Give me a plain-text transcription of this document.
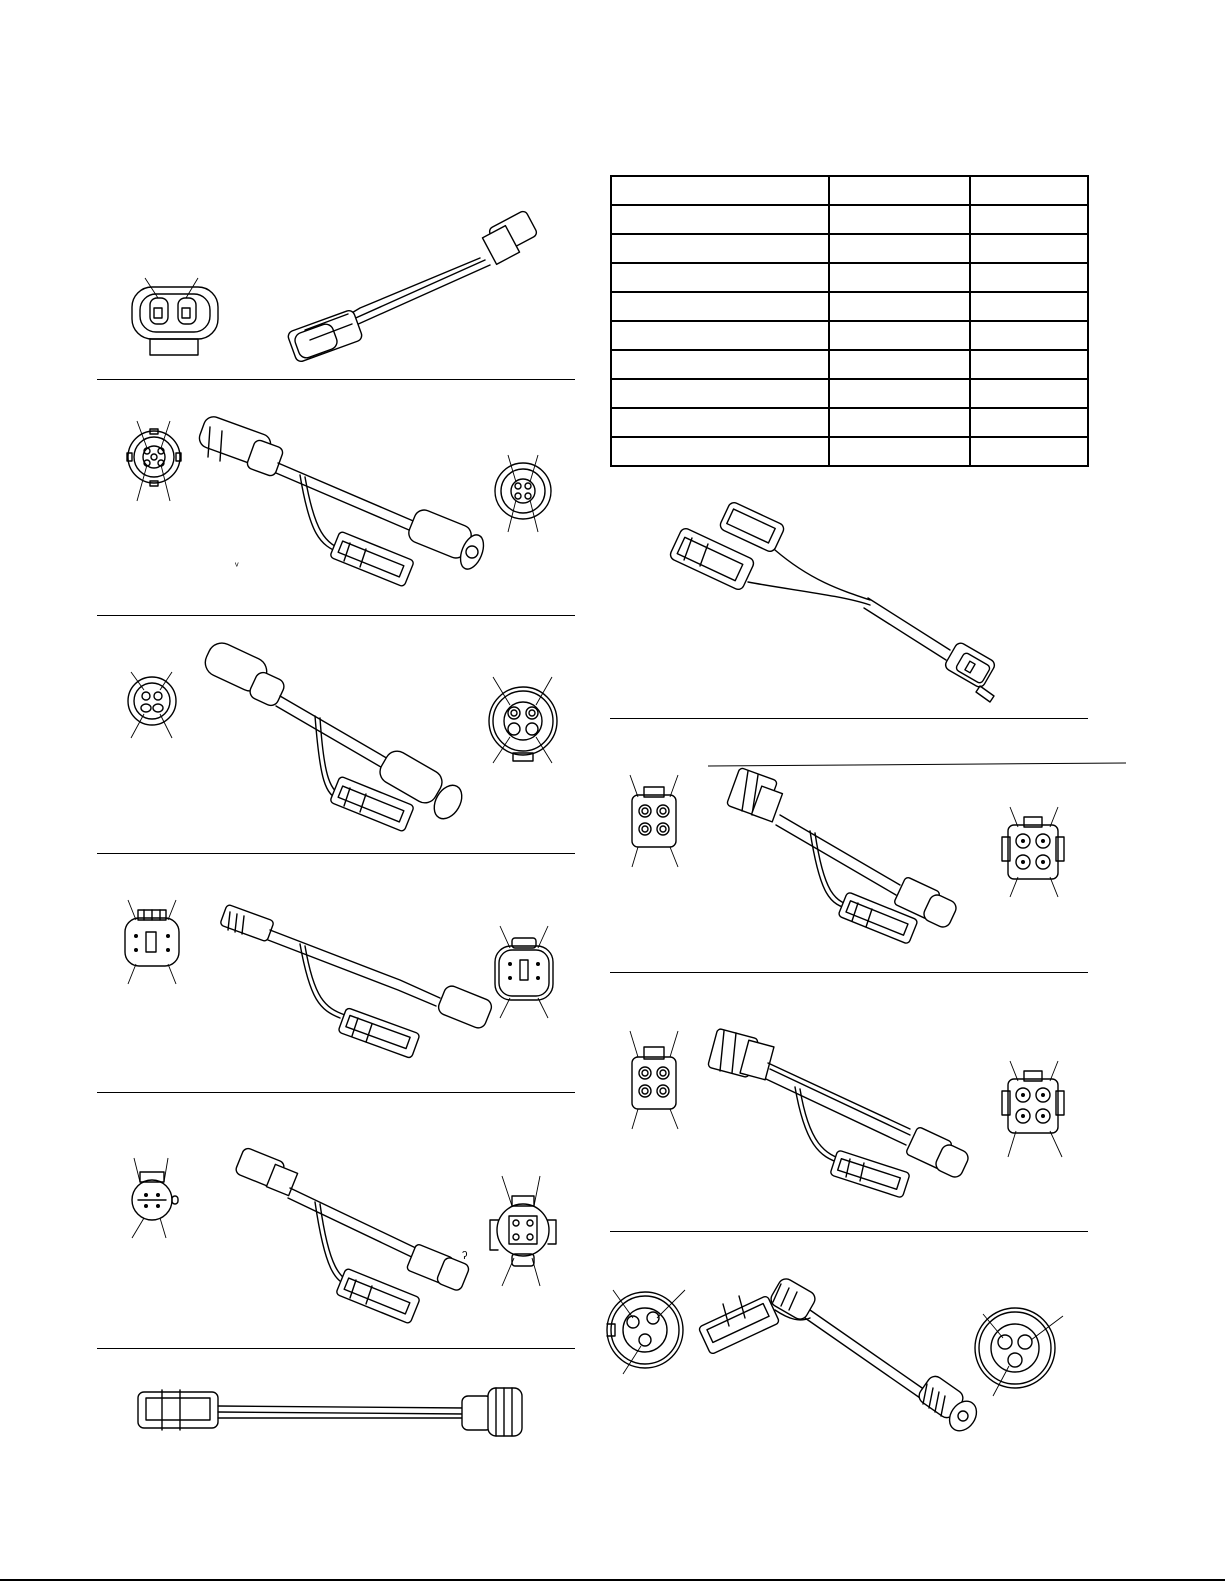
ᵥ
ʔ
